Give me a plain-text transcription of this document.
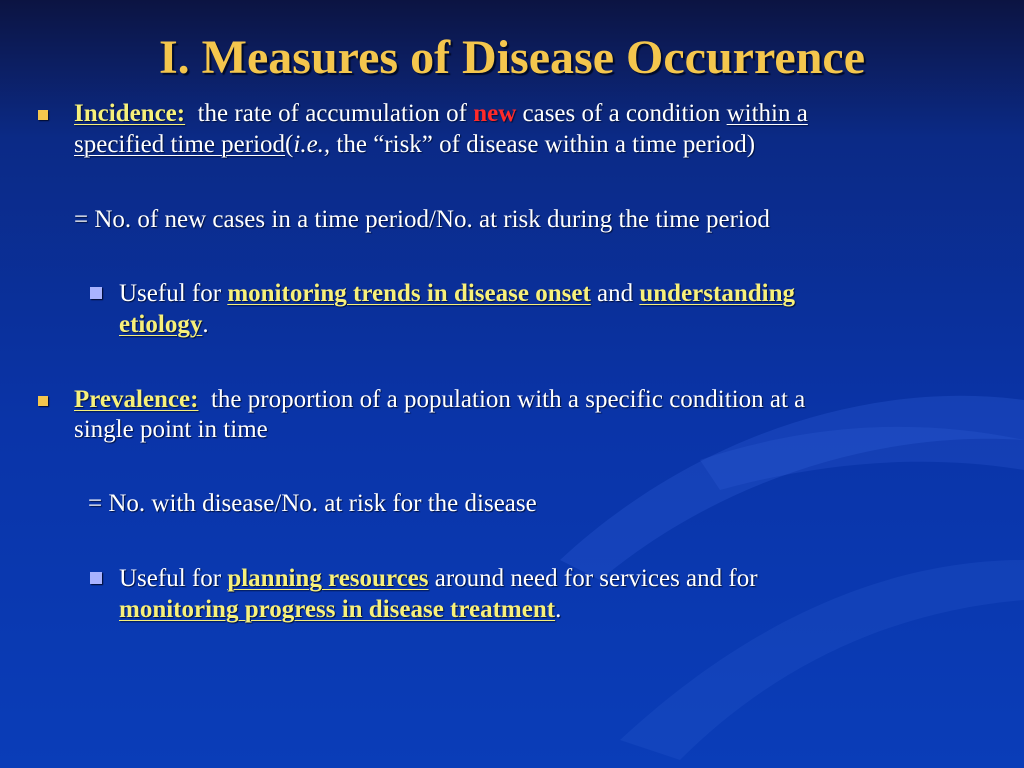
I. Measures of Disease Occurrence
Incidence: the rate of accumulation of new cases of a condition within a
specified time period(i.e., the “risk” of disease within a time period)
= No. of new cases in a time period/No. at risk during the time period
Useful for monitoring trends in disease onset and understanding
etiology.
Prevalence: the proportion of a population with a specific condition at a
single point in time
= No. with disease/No. at risk for the disease
Useful for planning resources around need for services and for
monitoring progress in disease treatment.
